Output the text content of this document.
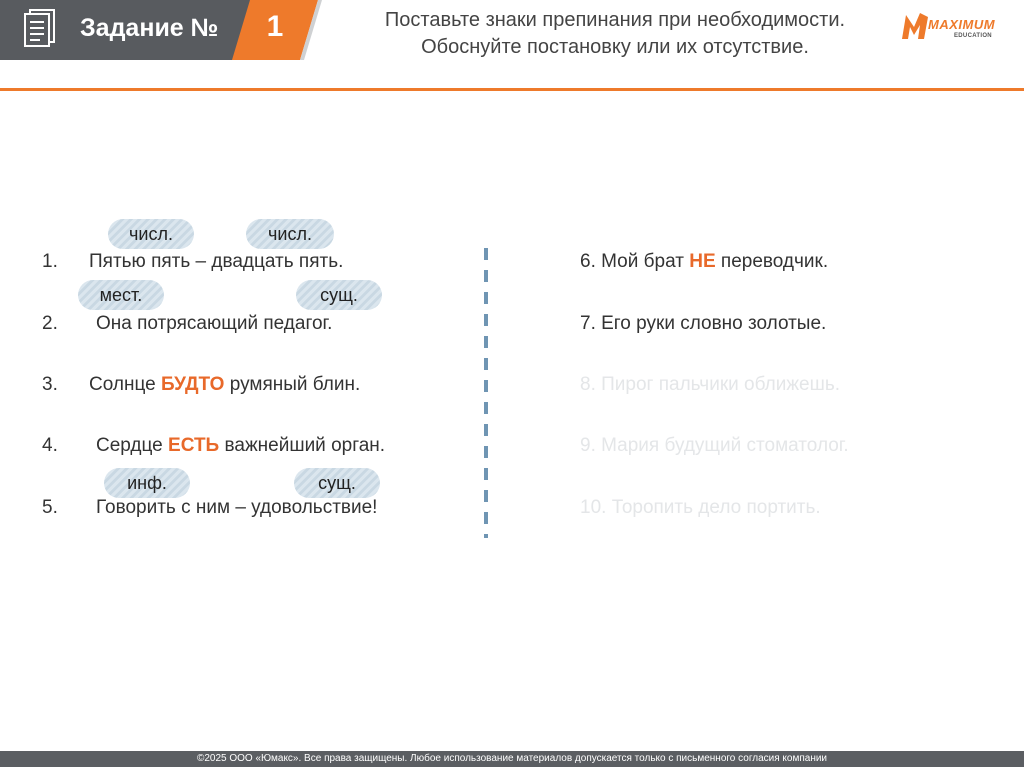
Задание №	1	Поставьте знаки препинания при необходимости.
Обоснуйте постановку или их отсутствие.
MAXIMUM
EDUCATION
числ.	числ.
мест.	сущ.
инф.	сущ.
1. Пятью пять – двадцать пять.
2. Она потрясающий педагог.
3. Солнце БУДТО румяный блин.
4. Сердце ЕСТЬ важнейший орган.
5. Говорить с ним – удовольствие!
6. Мой брат НЕ переводчик.
7. Его руки словно золотые.
8. Пирог пальчики оближешь.
9. Мария будущий стоматолог.
10. Торопить дело портить.
©2025 ООО «Юмакс». Все права защищены. Любое использование материалов допускается только с письменного согласия компании
